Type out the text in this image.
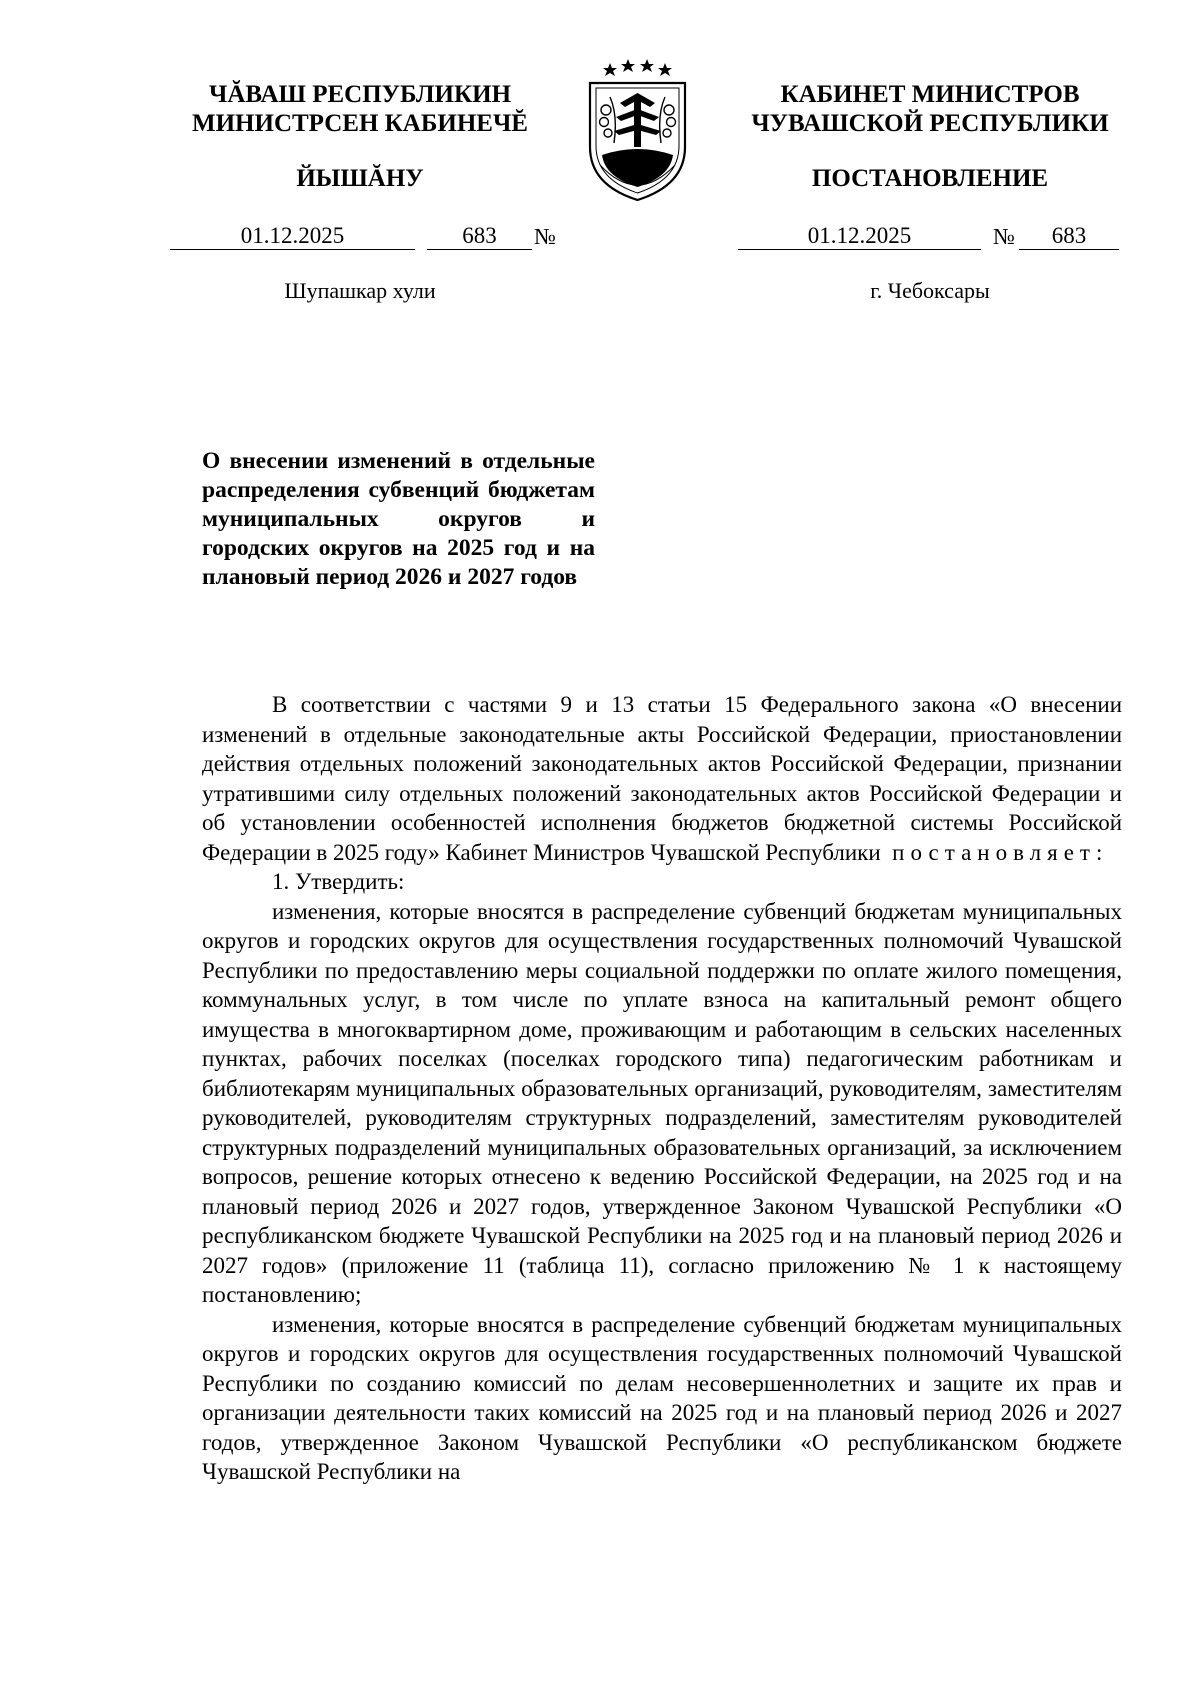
ЧĂВАШ РЕСПУБЛИКИН
МИНИСТРСЕН КАБИНЕЧĔ
ЙЫШĂНУ
КАБИНЕТ МИНИСТРОВ
ЧУВАШСКОЙ РЕСПУБЛИКИ
ПОСТАНОВЛЕНИЕ
01.12.2025	683	№	01.12.2025	№	683
Шупашкар хули	г. Чебоксары
О внесении изменений в отдельные распределения субвенций бюджетам муниципальных округов и городских округов на 2025 год и на плановый период 2026 и 2027 годов

В соответствии с частями 9 и 13 статьи 15 Федерального закона «О внесении изменений в отдельные законодательные акты Российской Федерации, приостановлении действия отдельных положений законодательных актов Российской Федерации, признании утратившими силу отдельных положений законодательных актов Российской Федерации и об установлении особенностей исполнения бюджетов бюджетной системы Российской Федерации в 2025 году» Кабинет Министров Чувашской Республики постановляет:

1. Утвердить:

изменения, которые вносятся в распределение субвенций бюджетам муниципальных округов и городских округов для осуществления государственных полномочий Чувашской Республики по предоставлению меры социальной поддержки по оплате жилого помещения, коммунальных услуг, в том числе по уплате взноса на капитальный ремонт общего имущества в многоквартирном доме, проживающим и работающим в сельских населенных пунктах, рабочих поселках (поселках городского типа) педагогическим работникам и библиотекарям муниципальных образовательных организаций, руководителям, заместителям руководителей, руководителям структурных подразделений, заместителям руководителей структурных подразделений муниципальных образовательных организаций, за исключением вопросов, решение которых отнесено к ведению Российской Федерации, на 2025 год и на плановый период 2026 и 2027 годов, утвержденное Законом Чувашской Республики «О республиканском бюджете Чувашской Республики на 2025 год и на плановый период 2026 и 2027 годов» (приложение 11 (таблица 11), согласно приложению № 1 к настоящему постановлению;

изменения, которые вносятся в распределение субвенций бюджетам муниципальных округов и городских округов для осуществления государственных полномочий Чувашской Республики по созданию комиссий по делам несовершеннолетних и защите их прав и организации деятельности таких комиссий на 2025 год и на плановый период 2026 и 2027 годов, утвержденное Законом Чувашской Республики «О республиканском бюджете Чувашской Республики на
